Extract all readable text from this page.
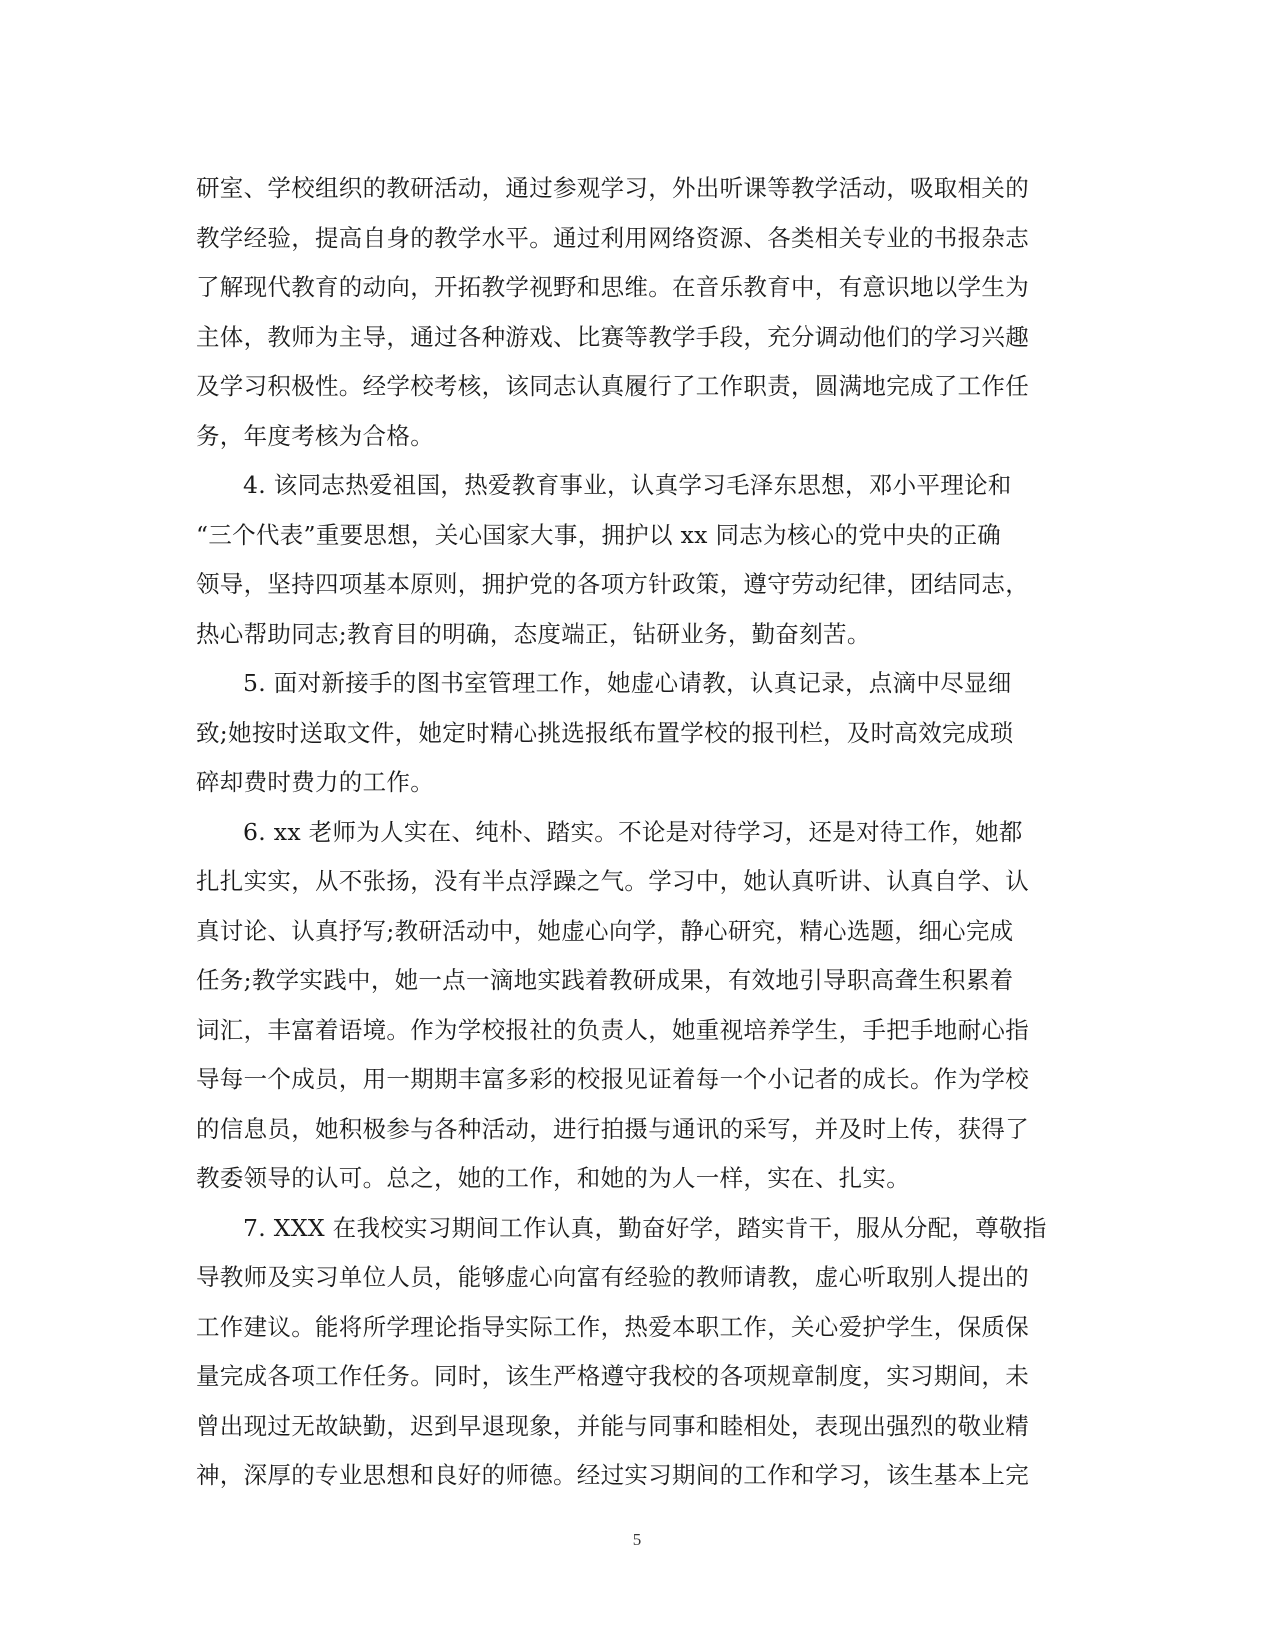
研室、学校组织的教研活动，通过参观学习，外出听课等教学活动，吸取相关的
教学经验，提高自身的教学水平。通过利用网络资源、各类相关专业的书报杂志
了解现代教育的动向，开拓教学视野和思维。在音乐教育中，有意识地以学生为
主体，教师为主导，通过各种游戏、比赛等教学手段，充分调动他们的学习兴趣
及学习积极性。经学校考核，该同志认真履行了工作职责，圆满地完成了工作任
务，年度考核为合格。
4. 该同志热爱祖国，热爱教育事业，认真学习毛泽东思想，邓小平理论和
“三个代表”重要思想，关心国家大事，拥护以 xx 同志为核心的党中央的正确
领导，坚持四项基本原则，拥护党的各项方针政策，遵守劳动纪律，团结同志，
热心帮助同志;教育目的明确，态度端正，钻研业务，勤奋刻苦。
5. 面对新接手的图书室管理工作，她虚心请教，认真记录，点滴中尽显细
致;她按时送取文件，她定时精心挑选报纸布置学校的报刊栏，及时高效完成琐
碎却费时费力的工作。
6. xx 老师为人实在、纯朴、踏实。不论是对待学习，还是对待工作，她都
扎扎实实，从不张扬，没有半点浮躁之气。学习中，她认真听讲、认真自学、认
真讨论、认真抒写;教研活动中，她虚心向学，静心研究，精心选题，细心完成
任务;教学实践中，她一点一滴地实践着教研成果，有效地引导职高聋生积累着
词汇，丰富着语境。作为学校报社的负责人，她重视培养学生，手把手地耐心指
导每一个成员，用一期期丰富多彩的校报见证着每一个小记者的成长。作为学校
的信息员，她积极参与各种活动，进行拍摄与通讯的采写，并及时上传，获得了
教委领导的认可。总之，她的工作，和她的为人一样，实在、扎实。
7. XXX 在我校实习期间工作认真，勤奋好学，踏实肯干，服从分配，尊敬指
导教师及实习单位人员，能够虚心向富有经验的教师请教，虚心听取别人提出的
工作建议。能将所学理论指导实际工作，热爱本职工作，关心爱护学生，保质保
量完成各项工作任务。同时，该生严格遵守我校的各项规章制度，实习期间，未
曾出现过无故缺勤，迟到早退现象，并能与同事和睦相处，表现出强烈的敬业精
神，深厚的专业思想和良好的师德。经过实习期间的工作和学习，该生基本上完
5
